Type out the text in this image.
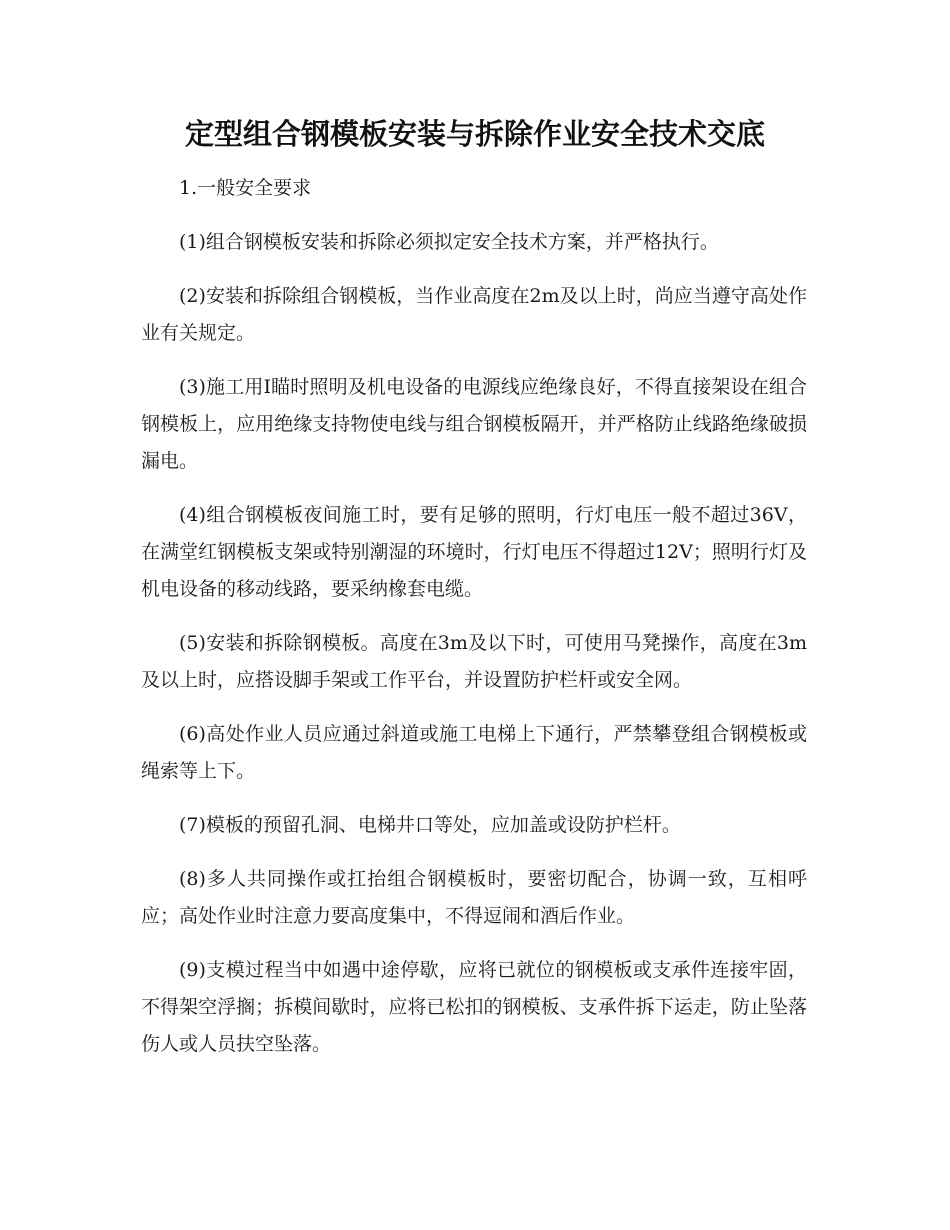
定型组合钢模板安装与拆除作业安全技术交底

1.一般安全要求

(1)组合钢模板安装和拆除必须拟定安全技术方案，并严格执行。

(2)安装和拆除组合钢模板，当作业高度在2m及以上时，尚应当遵守高处作业有关规定。

(3)施工用I瞄时照明及机电设备的电源线应绝缘良好，不得直接架设在组合钢模板上，应用绝缘支持物使电线与组合钢模板隔开，并严格防止线路绝缘破损漏电。

(4)组合钢模板夜间施工时，要有足够的照明，行灯电压一般不超过36V，在满堂红钢模板支架或特别潮湿的环境时，行灯电压不得超过12V；照明行灯及机电设备的移动线路，要采纳橡套电缆。

(5)安装和拆除钢模板。高度在3m及以下时，可使用马凳操作，高度在3m及以上时，应搭设脚手架或工作平台，并设置防护栏杆或安全网。

(6)高处作业人员应通过斜道或施工电梯上下通行，严禁攀登组合钢模板或绳索等上下。

(7)模板的预留孔洞、电梯井口等处，应加盖或设防护栏杆。

(8)多人共同操作或扛抬组合钢模板时，要密切配合，协调一致，互相呼应；高处作业时注意力要高度集中，不得逗闹和酒后作业。

(9)支模过程当中如遇中途停歇，应将已就位的钢模板或支承件连接牢固，不得架空浮搁；拆模间歇时，应将已松扣的钢模板、支承件拆下运走，防止坠落伤人或人员扶空坠落。
